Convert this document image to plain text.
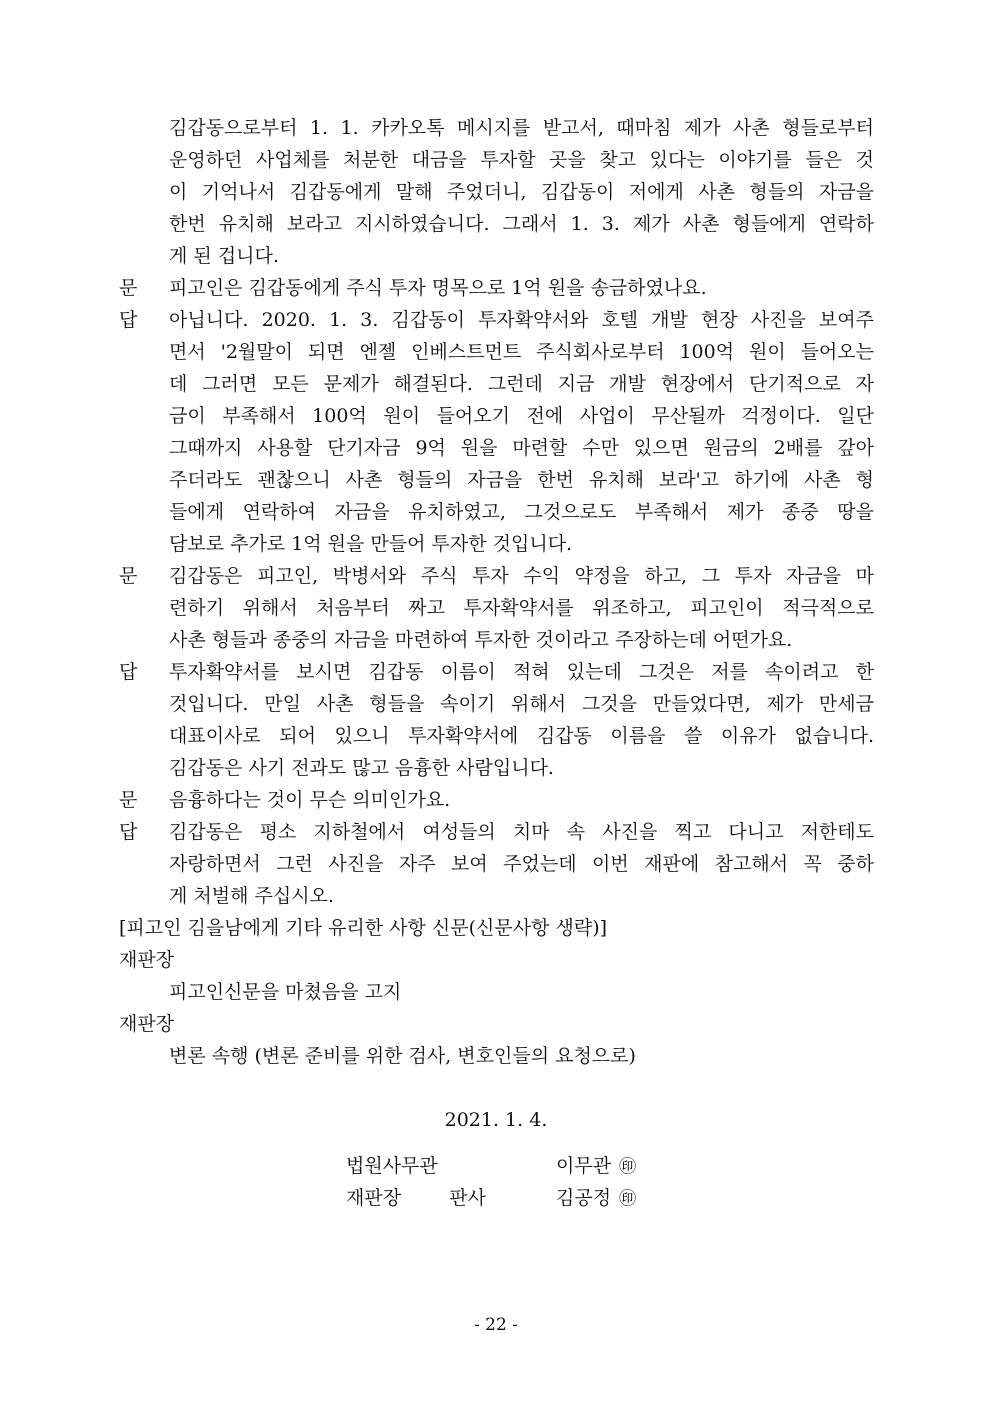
김갑동으로부터 1. 1. 카카오톡 메시지를 받고서, 때마침 제가 사촌 형들로부터
운영하던 사업체를 처분한 대금을 투자할 곳을 찾고 있다는 이야기를 들은 것
이 기억나서 김갑동에게 말해 주었더니, 김갑동이 저에게 사촌 형들의 자금을
한번 유치해 보라고 지시하였습니다. 그래서 1. 3. 제가 사촌 형들에게 연락하
게 된 겁니다.
문 피고인은 김갑동에게 주식 투자 명목으로 1억 원을 송금하였나요.
답 아닙니다. 2020. 1. 3. 김갑동이 투자확약서와 호텔 개발 현장 사진을 보여주
면서 '2월말이 되면 엔젤 인베스트먼트 주식회사로부터 100억 원이 들어오는
데 그러면 모든 문제가 해결된다. 그런데 지금 개발 현장에서 단기적으로 자
금이 부족해서 100억 원이 들어오기 전에 사업이 무산될까 걱정이다. 일단
그때까지 사용할 단기자금 9억 원을 마련할 수만 있으면 원금의 2배를 갚아
주더라도 괜찮으니 사촌 형들의 자금을 한번 유치해 보라'고 하기에 사촌 형
들에게 연락하여 자금을 유치하였고, 그것으로도 부족해서 제가 종중 땅을
담보로 추가로 1억 원을 만들어 투자한 것입니다.
문 김갑동은 피고인, 박병서와 주식 투자 수익 약정을 하고, 그 투자 자금을 마
련하기 위해서 처음부터 짜고 투자확약서를 위조하고, 피고인이 적극적으로
사촌 형들과 종중의 자금을 마련하여 투자한 것이라고 주장하는데 어떤가요.
답 투자확약서를 보시면 김갑동 이름이 적혀 있는데 그것은 저를 속이려고 한
것입니다. 만일 사촌 형들을 속이기 위해서 그것을 만들었다면, 제가 만세금
대표이사로 되어 있으니 투자확약서에 김갑동 이름을 쓸 이유가 없습니다.
김갑동은 사기 전과도 많고 음흉한 사람입니다.
문 음흉하다는 것이 무슨 의미인가요.
답 김갑동은 평소 지하철에서 여성들의 치마 속 사진을 찍고 다니고 저한테도
자랑하면서 그런 사진을 자주 보여 주었는데 이번 재판에 참고해서 꼭 중하
게 처벌해 주십시오.
[피고인 김을남에게 기타 유리한 사항 신문(신문사항 생략)]
재판장
피고인신문을 마쳤음을 고지
재판장
변론 속행 (변론 준비를 위한 검사, 변호인들의 요청으로)
2021. 1. 4.
법원사무관	이무관 ㊞
재판장 판사	김공정 ㊞
- 22 -
